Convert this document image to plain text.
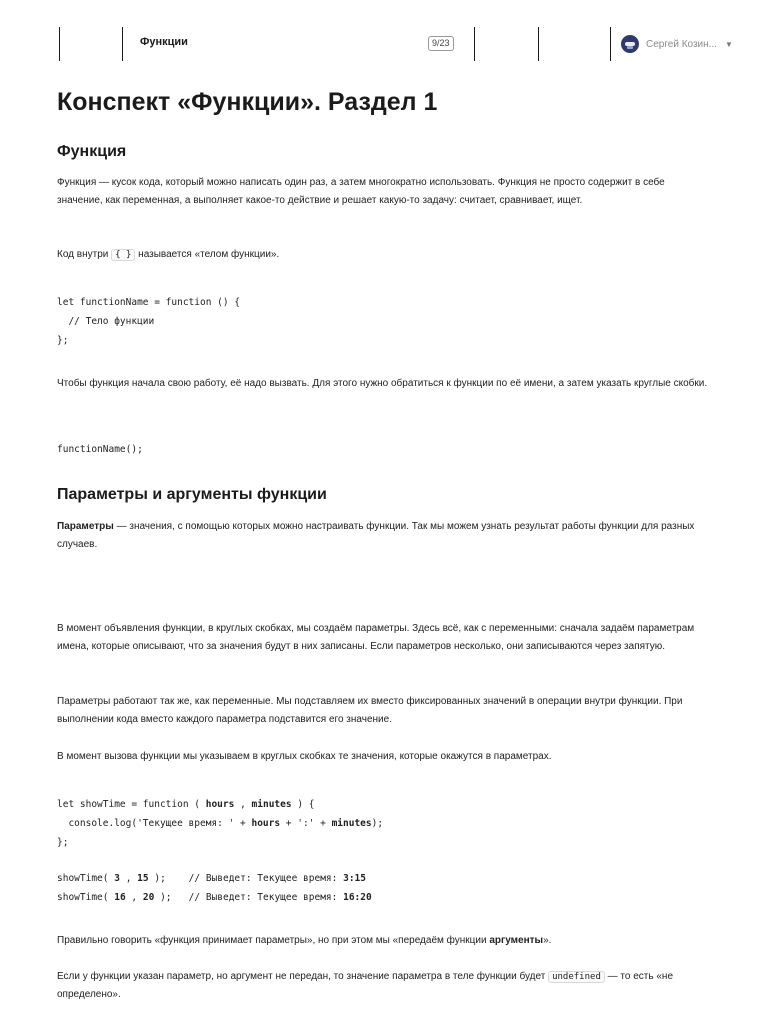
Функции	9/23	Сергей Козин... ▼
Конспект «Функции». Раздел 1
Функция

Функция — кусок кода, который можно написать один раз, а затем многократно использовать. Функция не просто содержит в себе значение, как переменная, а выполняет какое-то действие и решает какую-то задачу: считает, сравнивает, ищет.

Код внутри { } называется «телом функции».

let functionName = function () {
// Тело функции
};

Чтобы функция начала свою работу, её надо вызвать. Для этого нужно обратиться к функции по её имени, а затем указать круглые скобки.

functionName();
Параметры и аргументы функции

Параметры — значения, с помощью которых можно настраивать функции. Так мы можем узнать результат работы функции для разных случаев.

В момент объявления функции, в круглых скобках, мы создаём параметры. Здесь всё, как с переменными: сначала задаём параметрам имена, которые описывают, что за значения будут в них записаны. Если параметров несколько, они записываются через запятую.

Параметры работают так же, как переменные. Мы подставляем их вместо фиксированных значений в операции внутри функции. При выполнении кода вместо каждого параметра подставится его значение.

В момент вызова функции мы указываем в круглых скобках те значения, которые окажутся в параметрах.

let showTime = function ( hours , minutes ) {
console.log('Текущее время: ' + hours + ':' + minutes);
};
showTime( 3 , 15 );    // Выведет: Текущее время: 3:15
showTime( 16 , 20 );   // Выведет: Текущее время: 16:20

Правильно говорить «функция принимает параметры», но при этом мы «передаём функции аргументы».

Если у функции указан параметр, но аргумент не передан, то значение параметра в теле функции будет undefined — то есть «не определено».
